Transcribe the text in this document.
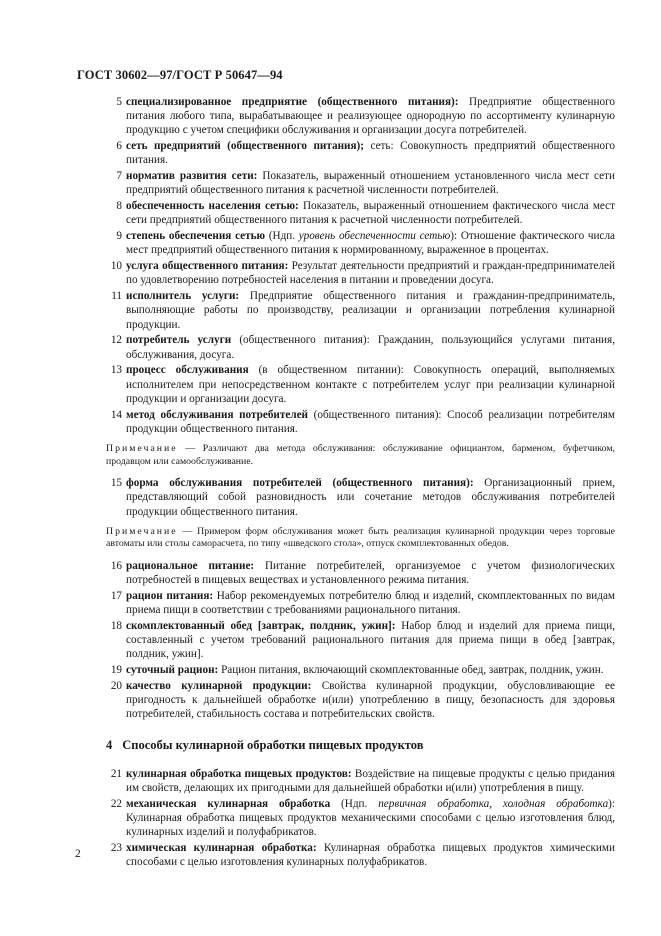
ГОСТ 30602—97/ГОСТ Р 50647—94
5 специализированное предприятие (общественного питания): Предприятие общественного питания любого типа, вырабатывающее и реализующее однородную по ассортименту кулинарную продукцию с учетом специфики обслуживания и организации досуга потребителей.
6 сеть предприятий (общественного питания); сеть: Совокупность предприятий общественного питания.
7 норматив развития сети: Показатель, выраженный отношением установленного числа мест сети предприятий общественного питания к расчетной численности потребителей.
8 обеспеченность населения сетью: Показатель, выраженный отношением фактического числа мест сети предприятий общественного питания к расчетной численности потребителей.
9 степень обеспечения сетью (Ндп. уровень обеспеченности сетью): Отношение фактического числа мест предприятий общественного питания к нормированному, выраженное в процентах.
10 услуга общественного питания: Результат деятельности предприятий и граждан-предпринимателей по удовлетворению потребностей населения в питании и проведении досуга.
11 исполнитель услуги: Предприятие общественного питания и гражданин-предприниматель, выполняющие работы по производству, реализации и организации потребления кулинарной продукции.
12 потребитель услуги (общественного питания): Гражданин, пользующийся услугами питания, обслуживания, досуга.
13 процесс обслуживания (в общественном питании): Совокупность операций, выполняемых исполнителем при непосредственном контакте с потребителем услуг при реализации кулинарной продукции и организации досуга.
14 метод обслуживания потребителей (общественного питания): Способ реализации потребителям продукции общественного питания.
Примечание — Различают два метода обслуживания: обслуживание официантом, барменом, буфетчиком, продавцом или самообслуживание.
15 форма обслуживания потребителей (общественного питания): Организационный прием, представляющий собой разновидность или сочетание методов обслуживания потребителей продукции общественного питания.
Примечание — Примером форм обслуживания может быть реализация кулинарной продукции через торговые автоматы или столы саморасчета, по типу «шведского стола», отпуск скомплектованных обедов.
16 рациональное питание: Питание потребителей, организуемое с учетом физиологических потребностей в пищевых веществах и установленного режима питания.
17 рацион питания: Набор рекомендуемых потребителю блюд и изделий, скомплектованных по видам приема пищи в соответствии с требованиями рационального питания.
18 скомплектованный обед [завтрак, полдник, ужин]: Набор блюд и изделий для приема пищи, составленный с учетом требований рационального питания для приема пищи в обед [завтрак, полдник, ужин].
19 суточный рацион: Рацион питания, включающий скомплектованные обед, завтрак, полдник, ужин.
20 качество кулинарной продукции: Свойства кулинарной продукции, обусловливающие ее пригодность к дальнейшей обработке и(или) употреблению в пищу, безопасность для здоровья потребителей, стабильность состава и потребительских свойств.
4 Способы кулинарной обработки пищевых продуктов
21 кулинарная обработка пищевых продуктов: Воздействие на пищевые продукты с целью придания им свойств, делающих их пригодными для дальнейшей обработки и(или) употребления в пищу.
22 механическая кулинарная обработка (Ндп. первичная обработка, холодная обработка): Кулинарная обработка пищевых продуктов механическими способами с целью изготовления блюд, кулинарных изделий и полуфабрикатов.
23 химическая кулинарная обработка: Кулинарная обработка пищевых продуктов химическими способами с целью изготовления кулинарных полуфабрикатов.
2
